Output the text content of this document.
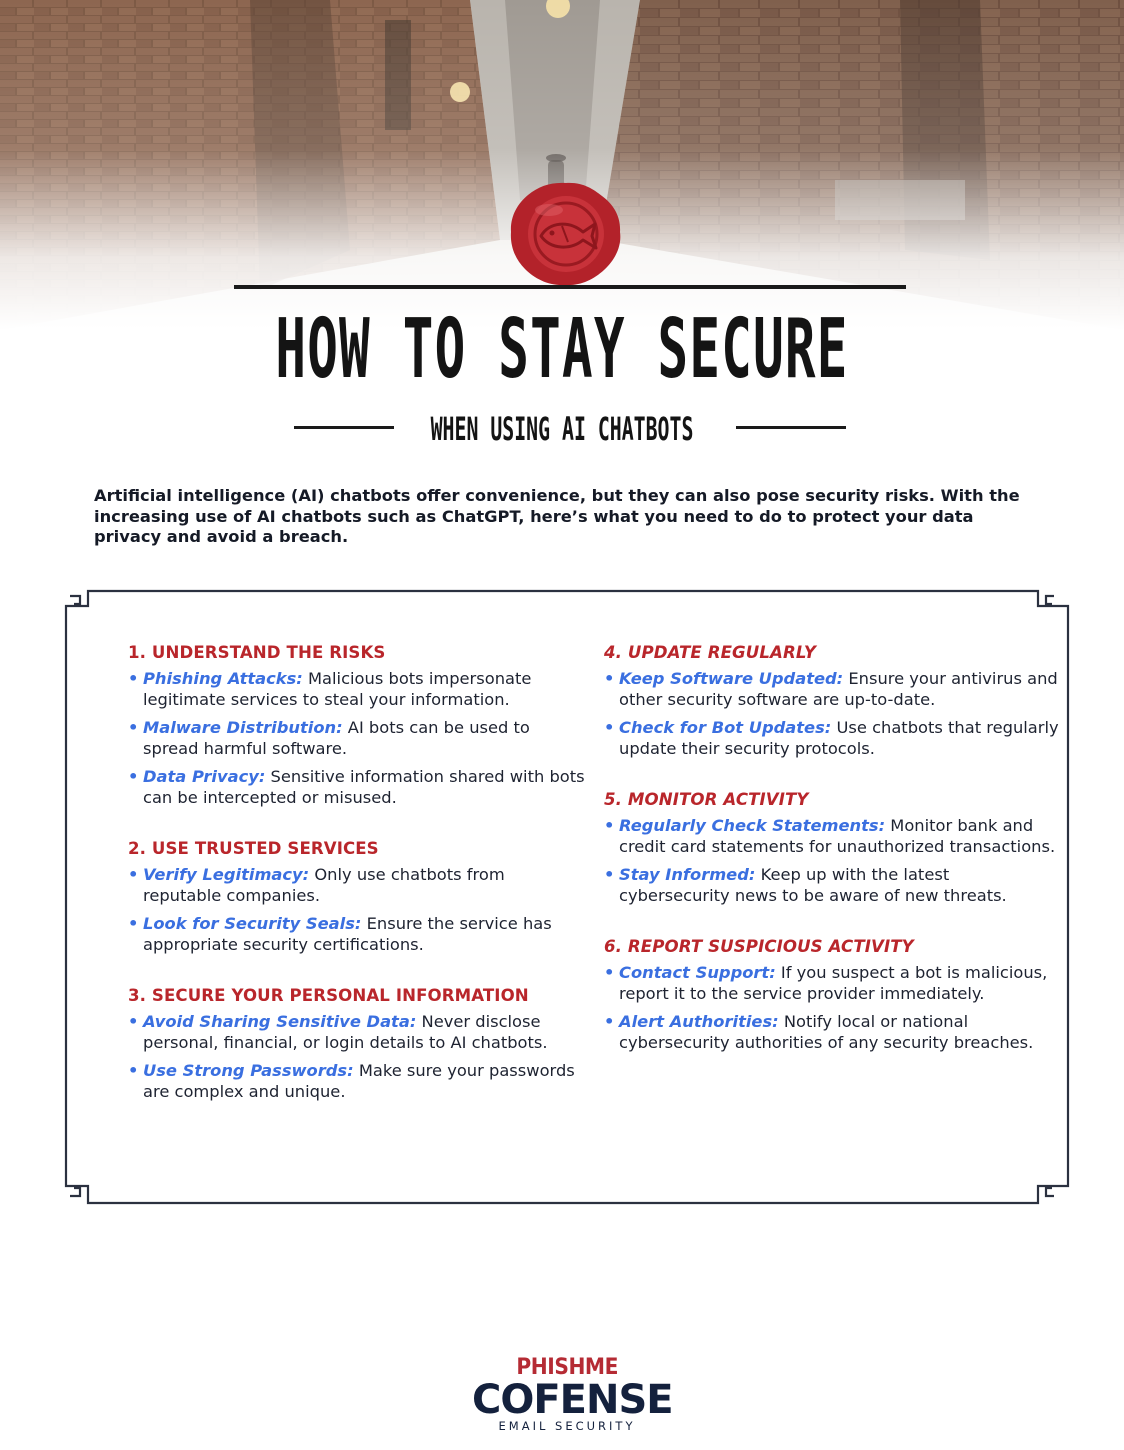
HOW TO STAY SECURE
WHEN USING AI CHATBOTS

Artificial intelligence (AI) chatbots offer convenience, but they can also pose security risks. With the increasing use of AI chatbots such as ChatGPT, here’s what you need to do to protect your data privacy and avoid a breach.

1. UNDERSTAND THE RISKS

• Phishing Attacks: Malicious bots impersonate legitimate services to steal your information.

• Malware Distribution: AI bots can be used to spread harmful software.

• Data Privacy: Sensitive information shared with bots can be intercepted or misused.

2. USE TRUSTED SERVICES

• Verify Legitimacy: Only use chatbots from reputable companies.

• Look for Security Seals: Ensure the service has appropriate security certifications.

3. SECURE YOUR PERSONAL INFORMATION

• Avoid Sharing Sensitive Data: Never disclose personal, financial, or login details to AI chatbots.

• Use Strong Passwords: Make sure your passwords are complex and unique.

4. UPDATE REGULARLY

• Keep Software Updated: Ensure your antivirus and other security software are up-to-date.

• Check for Bot Updates: Use chatbots that regularly update their security protocols.

5. MONITOR ACTIVITY

• Regularly Check Statements: Monitor bank and credit card statements for unauthorized transactions.

• Stay Informed: Keep up with the latest cybersecurity news to be aware of new threats.

6. REPORT SUSPICIOUS ACTIVITY

• Contact Support: If you suspect a bot is malicious, report it to the service provider immediately.

• Alert Authorities: Notify local or national cybersecurity authorities of any security breaches.

PHISHME
COFENSE
EMAIL SECURITY
